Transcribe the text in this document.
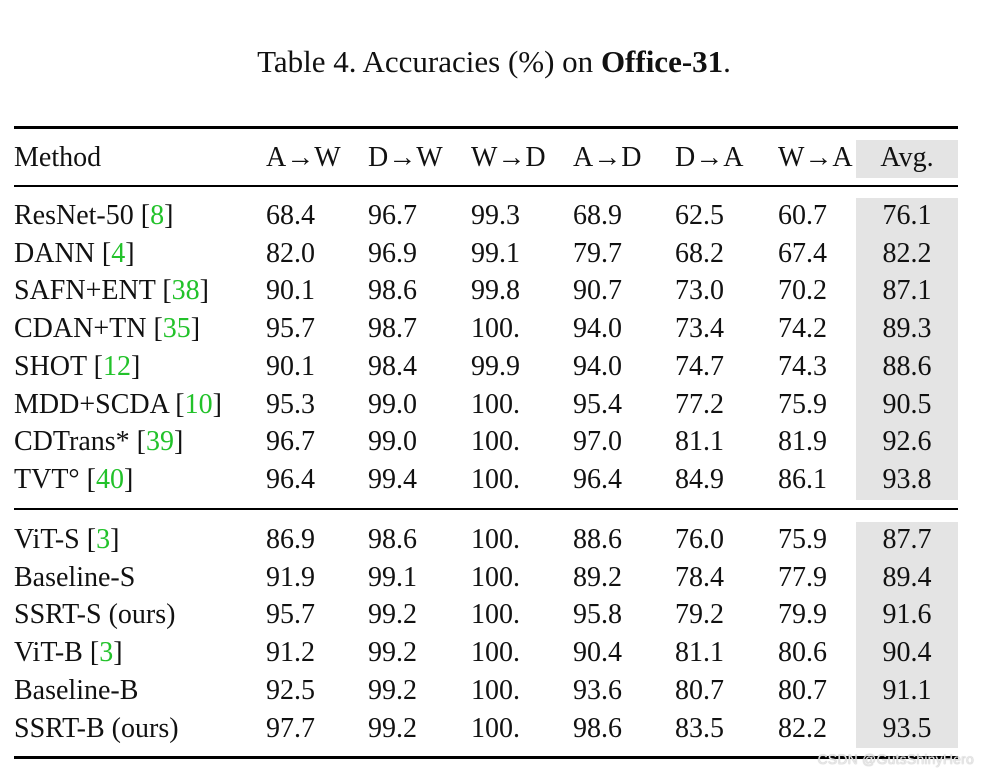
Table 4. Accuracies (%) on Office-31.
Method	A→W D→W W→D A→D D→A W→A Avg.
ResNet-50 [8]	68.4 96.7 99.3 68.9 62.5 60.7	76.1
DANN [4]	82.0 96.9 99.1 79.7 68.2 67.4	82.2
SAFN+ENT [38] 90.1 98.6 99.8 90.7 73.0 70.2	87.1
CDAN+TN [35] 95.7 98.7 100. 94.0 73.4 74.2	89.3
SHOT [12]	90.1 98.4 99.9 94.0 74.7 74.3	88.6
MDD+SCDA [10] 95.3 99.0 100. 95.4 77.2 75.9	90.5
CDTrans* [39]	96.7 99.0 100. 97.0 81.1 81.9	92.6
TVT° [40]	96.4 99.4 100. 96.4 84.9 86.1	93.8
ViT-S [3]	86.9 98.6 100. 88.6 76.0 75.9	87.7
Baseline-S	91.9 99.1 100. 89.2 78.4 77.9	89.4
SSRT-S (ours)	95.7 99.2 100. 95.8 79.2 79.9	91.6
ViT-B [3]	91.2 99.2 100. 90.4 81.1 80.6	90.4
Baseline-B	92.5 99.2 100. 93.6 80.7 80.7	91.1
SSRT-B (ours)	97.7 99.2 100. 98.6 83.5 82.2	93.5
CSDN @GutsShinyHero
